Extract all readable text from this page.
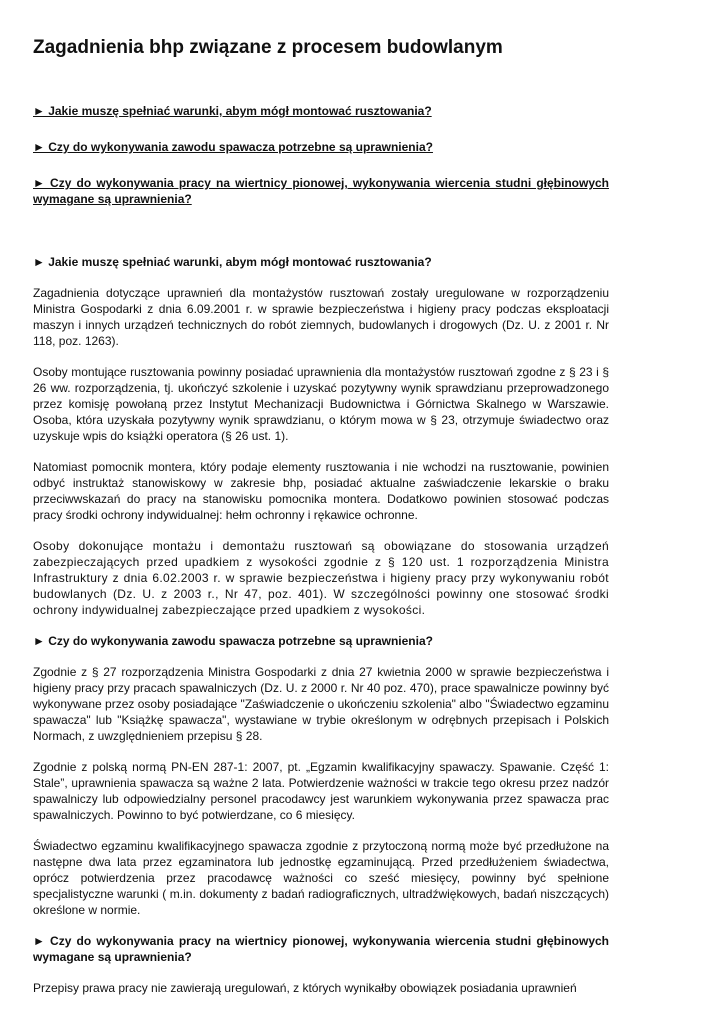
Zagadnienia bhp związane z procesem budowlanym
► Jakie muszę spełniać warunki, abym mógł montować rusztowania?
► Czy do wykonywania zawodu spawacza potrzebne są uprawnienia?
► Czy do wykonywania pracy na wiertnicy pionowej, wykonywania wiercenia studni głębinowych wymagane są uprawnienia?
► Jakie muszę spełniać warunki, abym mógł montować rusztowania?

Zagadnienia dotyczące uprawnień dla montażystów rusztowań zostały uregulowane w rozporządzeniu Ministra Gospodarki z dnia 6.09.2001 r. w sprawie bezpieczeństwa i higieny pracy podczas eksploatacji maszyn i innych urządzeń technicznych do robót ziemnych, budowlanych i drogowych (Dz. U. z 2001 r. Nr 118, poz. 1263).

Osoby montujące rusztowania powinny posiadać uprawnienia dla montażystów rusztowań zgodne z § 23 i § 26 ww. rozporządzenia, tj. ukończyć szkolenie i uzyskać pozytywny wynik sprawdzianu przeprowadzonego przez komisję powołaną przez Instytut Mechanizacji Budownictwa i Górnictwa Skalnego w Warszawie. Osoba, która uzyskała pozytywny wynik sprawdzianu, o którym mowa w § 23, otrzymuje świadectwo oraz uzyskuje wpis do książki operatora (§ 26 ust. 1).

Natomiast pomocnik montera, który podaje elementy rusztowania i nie wchodzi na rusztowanie, powinien odbyć instruktaż stanowiskowy w zakresie bhp, posiadać aktualne zaświadczenie lekarskie o braku przeciwwskazań do pracy na stanowisku pomocnika montera. Dodatkowo powinien stosować podczas pracy środki ochrony indywidualnej: hełm ochronny i rękawice ochronne.

Osoby dokonujące montażu i demontażu rusztowań są obowiązane do stosowania urządzeń zabezpieczających przed upadkiem z wysokości zgodnie z § 120 ust. 1 rozporządzenia Ministra Infrastruktury z dnia 6.02.2003 r. w sprawie bezpieczeństwa i higieny pracy przy wykonywaniu robót budowlanych (Dz. U. z 2003 r., Nr 47, poz. 401). W szczególności powinny one stosować środki ochrony indywidualnej zabezpieczające przed upadkiem z wysokości.

► Czy do wykonywania zawodu spawacza potrzebne są uprawnienia?

Zgodnie z § 27 rozporządzenia Ministra Gospodarki z dnia 27 kwietnia 2000 w sprawie bezpieczeństwa i higieny pracy przy pracach spawalniczych (Dz. U. z 2000 r. Nr 40 poz. 470), prace spawalnicze powinny być wykonywane przez osoby posiadające "Zaświadczenie o ukończeniu szkolenia" albo "Świadectwo egzaminu spawacza" lub "Książkę spawacza", wystawiane w trybie określonym w odrębnych przepisach i Polskich Normach, z uwzględnieniem przepisu § 28.

Zgodnie z polską normą PN-EN 287-1: 2007, pt. „Egzamin kwalifikacyjny spawaczy. Spawanie. Część 1: Stale”, uprawnienia spawacza są ważne 2 lata. Potwierdzenie ważności w trakcie tego okresu przez nadzór spawalniczy lub odpowiedzialny personel pracodawcy jest warunkiem wykonywania przez spawacza prac spawalniczych. Powinno to być potwierdzane, co 6 miesięcy.

Świadectwo egzaminu kwalifikacyjnego spawacza zgodnie z przytoczoną normą może być przedłużone na następne dwa lata przez egzaminatora lub jednostkę egzaminującą. Przed przedłużeniem świadectwa, oprócz potwierdzenia przez pracodawcę ważności co sześć miesięcy, powinny być spełnione specjalistyczne warunki ( m.in. dokumenty z badań radiograficznych, ultradźwiękowych, badań niszczących) określone w normie.

► Czy do wykonywania pracy na wiertnicy pionowej, wykonywania wiercenia studni głębinowych wymagane są uprawnienia?

Przepisy prawa pracy nie zawierają uregulowań, z których wynikałby obowiązek posiadania uprawnień
